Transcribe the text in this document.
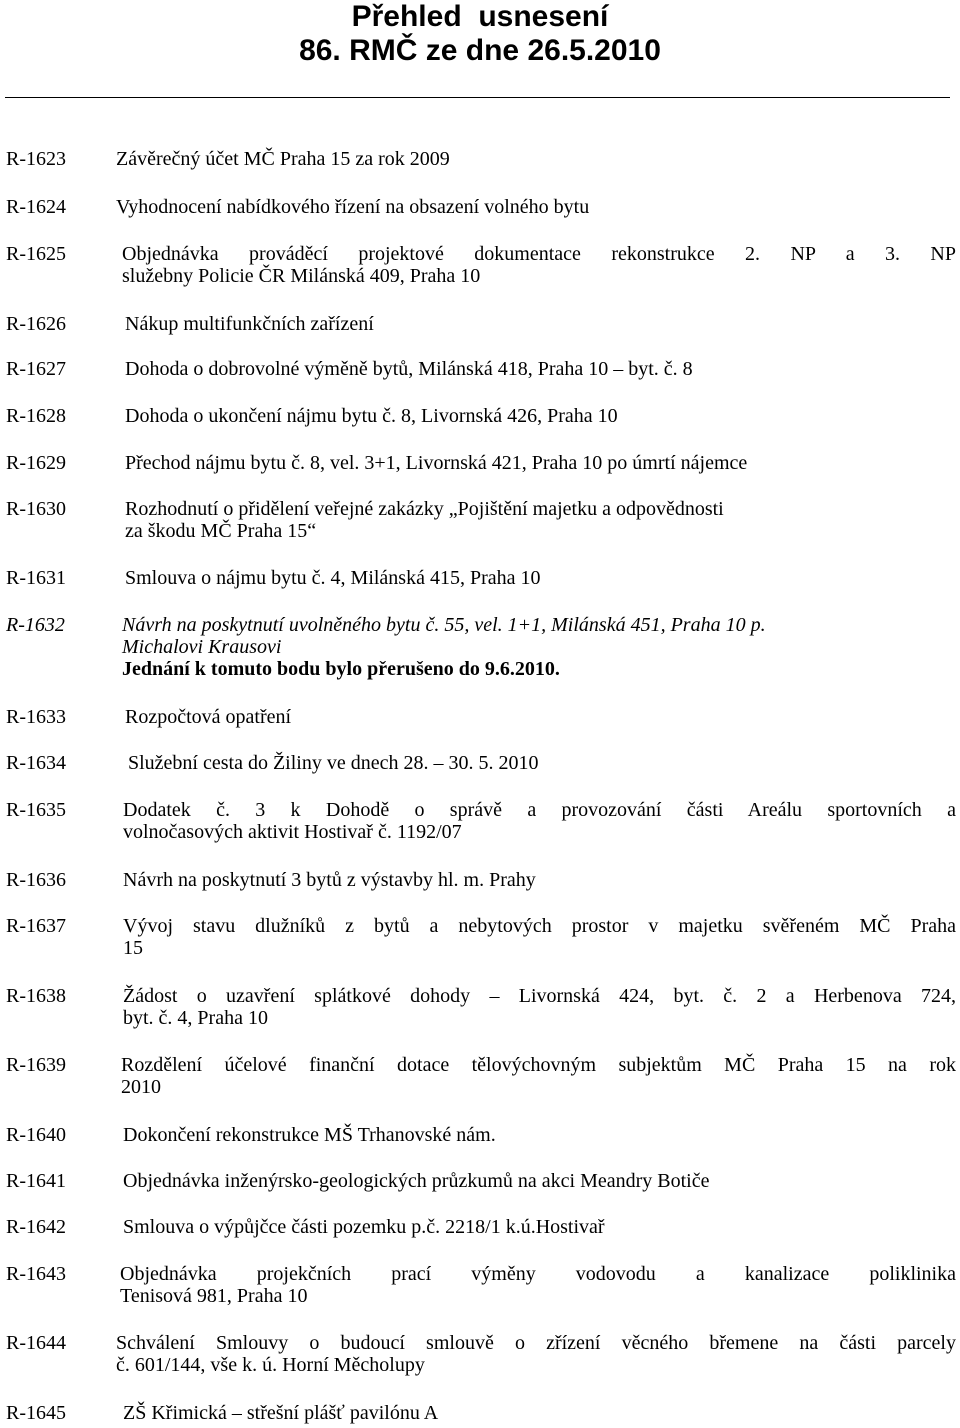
Přehled  usnesení
86. RMČ ze dne 26.5.2010
R-1623	Závěrečný účet MČ Praha 15 za rok 2009
R-1624	Vyhodnocení nabídkového řízení na obsazení volného bytu
R-1625	Objednávka prováděcí projektové dokumentace rekonstrukce 2. NP a 3. NP
služebny Policie ČR Milánská 409, Praha 10
R-1626	Nákup multifunkčních zařízení
R-1627	Dohoda o dobrovolné výměně bytů, Milánská 418, Praha 10 – byt. č. 8
R-1628	Dohoda o ukončení nájmu bytu č. 8, Livornská 426, Praha 10
R-1629	Přechod nájmu bytu č. 8, vel. 3+1, Livornská 421, Praha 10 po úmrtí nájemce
R-1630	Rozhodnutí o přidělení veřejné zakázky „Pojištění majetku a odpovědnosti
za škodu MČ Praha 15“
R-1631	Smlouva o nájmu bytu č. 4, Milánská 415, Praha 10
R-1632	Návrh na poskytnutí uvolněného bytu č. 55, vel. 1+1, Milánská 451, Praha 10 p.
Michalovi Krausovi
Jednání k tomuto bodu bylo přerušeno do 9.6.2010.
R-1633	Rozpočtová opatření
R-1634	Služební cesta do Žiliny ve dnech 28. – 30. 5. 2010
R-1635	Dodatek č. 3 k Dohodě o správě a provozování části Areálu sportovních a
volnočasových aktivit Hostivař č. 1192/07
R-1636	Návrh na poskytnutí 3 bytů z výstavby hl. m. Prahy
R-1637	Vývoj stavu dlužníků z bytů a nebytových prostor v majetku svěřeném MČ Praha
15
R-1638	Žádost o uzavření splátkové dohody – Livornská 424, byt. č. 2 a Herbenova 724,
byt. č. 4, Praha 10
R-1639	Rozdělení účelové finanční dotace tělovýchovným subjektům MČ Praha 15 na rok
2010
R-1640	Dokončení rekonstrukce MŠ Trhanovské nám.
R-1641	Objednávka inženýrsko-geologických průzkumů na akci Meandry Botiče
R-1642	Smlouva o výpůjčce části pozemku p.č. 2218/1 k.ú.Hostivař
R-1643	Objednávka projekčních prací výměny vodovodu a kanalizace poliklinika
Tenisová 981, Praha 10
R-1644	Schválení Smlouvy o budoucí smlouvě o zřízení věcného břemene na části parcely
č. 601/144, vše k. ú. Horní Měcholupy
R-1645	ZŠ Křimická – střešní plášť pavilónu A
